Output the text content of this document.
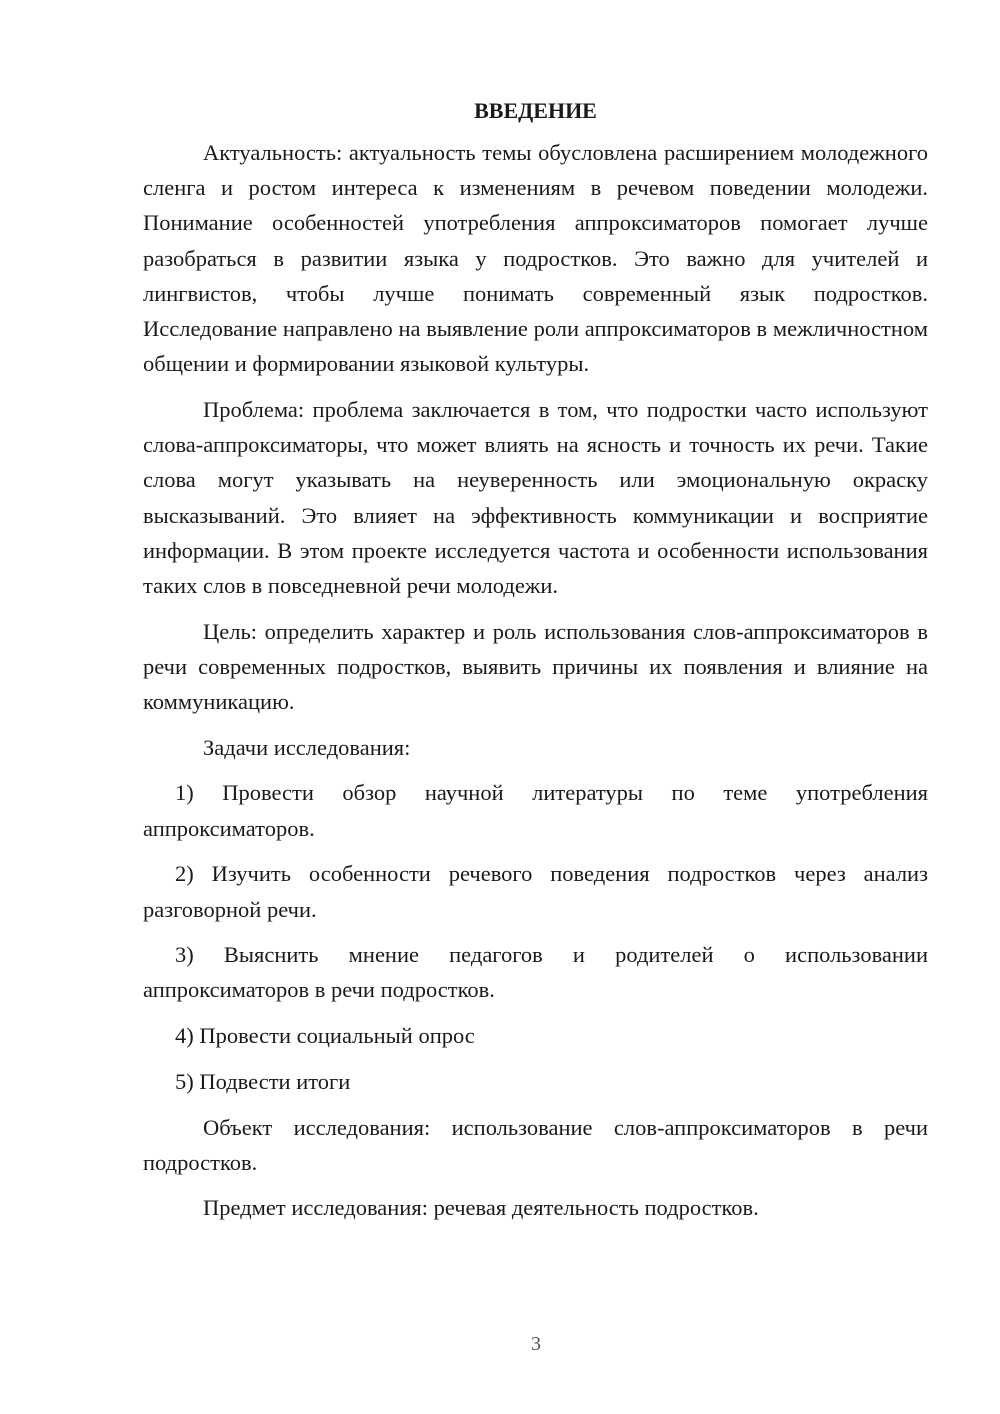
ВВЕДЕНИЕ

Актуальность: актуальность темы обусловлена расширением молодежного сленга и ростом интереса к изменениям в речевом поведении молодежи. Понимание особенностей употребления аппроксиматоров помогает лучше разобраться в развитии языка у подростков. Это важно для учителей и лингвистов, чтобы лучше понимать современный язык подростков. Исследование направлено на выявление роли аппроксиматоров в межличностном общении и формировании языковой культуры.

Проблема: проблема заключается в том, что подростки часто используют слова-аппроксиматоры, что может влиять на ясность и точность их речи. Такие слова могут указывать на неуверенность или эмоциональную окраску высказываний. Это влияет на эффективность коммуникации и восприятие информации. В этом проекте исследуется частота и особенности использования таких слов в повседневной речи молодежи.

Цель: определить характер и роль использования слов-аппроксиматоров в речи современных подростков, выявить причины их появления и влияние на коммуникацию.

Задачи исследования:

1) Провести обзор научной литературы по теме употребления аппроксиматоров.

2) Изучить особенности речевого поведения подростков через анализ разговорной речи.

3) Выяснить мнение педагогов и родителей о использовании аппроксиматоров в речи подростков.

4) Провести социальный опрос

5) Подвести итоги

Объект исследования: использование слов-аппроксиматоров в речи подростков.

Предмет исследования: речевая деятельность подростков.

3
